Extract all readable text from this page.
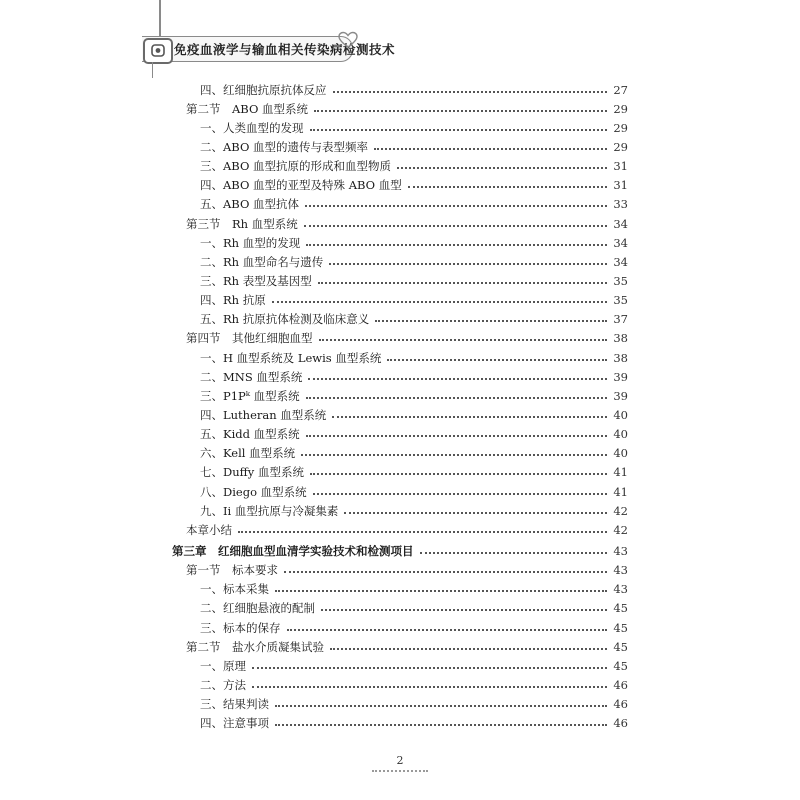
免疫血液学与输血相关传染病检测技术
四、红细胞抗原抗体反应	27
第二节　ABO 血型系统	29
一、人类血型的发现	29
二、ABO 血型的遗传与表型频率	29
三、ABO 血型抗原的形成和血型物质	31
四、ABO 血型的亚型及特殊 ABO 血型	31
五、ABO 血型抗体	33
第三节　Rh 血型系统	34
一、Rh 血型的发现	34
二、Rh 血型命名与遗传	34
三、Rh 表型及基因型	35
四、Rh 抗原	35
五、Rh 抗原抗体检测及临床意义	37
第四节　其他红细胞血型	38
一、H 血型系统及 Lewis 血型系统	38
二、MNS 血型系统	39
三、P1Pᵏ 血型系统	39
四、Lutheran 血型系统	40
五、Kidd 血型系统	40
六、Kell 血型系统	40
七、Duffy 血型系统	41
八、Diego 血型系统	41
九、Ii 血型抗原与冷凝集素	42
本章小结	42
第三章　红细胞血型血清学实验技术和检测项目	43
第一节　标本要求	43
一、标本采集	43
二、红细胞悬液的配制	45
三、标本的保存	45
第二节　盐水介质凝集试验	45
一、原理	45
二、方法	46
三、结果判读	46
四、注意事项	46
2
